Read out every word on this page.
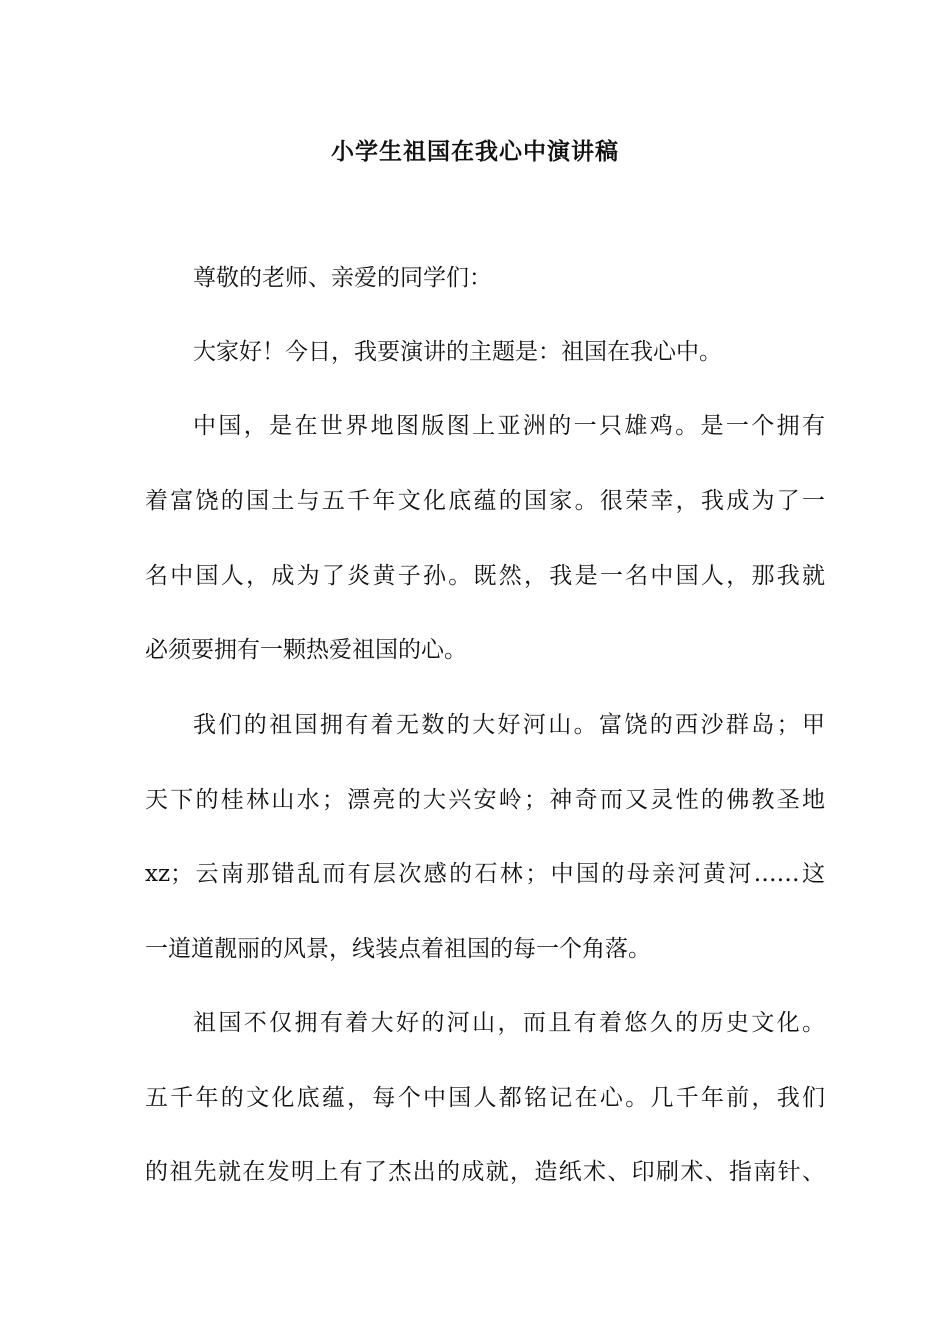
小学生祖国在我心中演讲稿

尊敬的老师、亲爱的同学们：

大家好！今日，我要演讲的主题是：祖国在我心中。

中国，是在世界地图版图上亚洲的一只雄鸡。是一个拥有

着富饶的国土与五千年文化底蕴的国家。很荣幸，我成为了一

名中国人，成为了炎黄子孙。既然，我是一名中国人，那我就

必须要拥有一颗热爱祖国的心。

我们的祖国拥有着无数的大好河山。富饶的西沙群岛；甲

天下的桂林山水；漂亮的大兴安岭；神奇而又灵性的佛教圣地

xz；云南那错乱而有层次感的石林；中国的母亲河黄河……这

一道道靓丽的风景，线装点着祖国的每一个角落。

祖国不仅拥有着大好的河山，而且有着悠久的历史文化。

五千年的文化底蕴，每个中国人都铭记在心。几千年前，我们

的祖先就在发明上有了杰出的成就，造纸术、印刷术、指南针、
